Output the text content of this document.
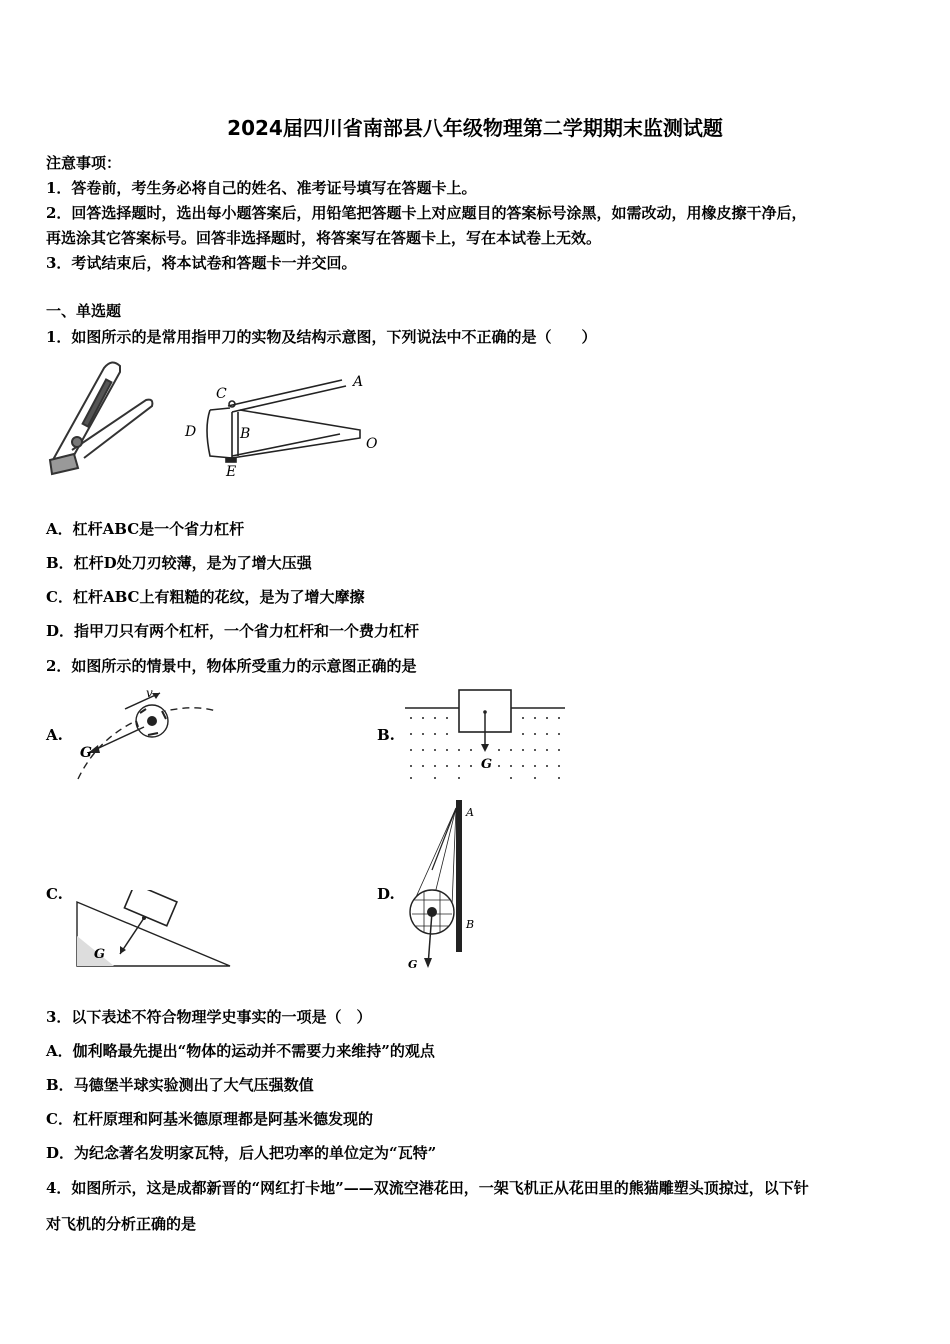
2024届四川省南部县八年级物理第二学期期末监测试题
注意事项：
1．答卷前，考生务必将自己的姓名、准考证号填写在答题卡上。
2．回答选择题时，选出每小题答案后，用铅笔把答题卡上对应题目的答案标号涂黑，如需改动，用橡皮擦干净后，
再选涂其它答案标号。回答非选择题时，将答案写在答题卡上，写在本试卷上无效。
3．考试结束后，将本试卷和答题卡一并交回。
一、单选题
1．如图所示的是常用指甲刀的实物及结构示意图，下列说法中不正确的是（　　）
A
B
C
D
E
O
A．杠杆ABC是一个省力杠杆
B．杠杆D处刀刃较薄，是为了增大压强
C．杠杆ABC上有粗糙的花纹，是为了增大摩擦
D．指甲刀只有两个杠杆，一个省力杠杆和一个费力杠杆
2．如图所示的情景中，物体所受重力的示意图正确的是
A.
v
G
B.
G
C.
G
D.
A
B
G
3．以下表述不符合物理学史事实的一项是（　）
A．伽利略最先提出“物体的运动并不需要力来维持”的观点
B．马德堡半球实验测出了大气压强数值
C．杠杆原理和阿基米德原理都是阿基米德发现的
D．为纪念著名发明家瓦特，后人把功率的单位定为“瓦特”
4．如图所示，这是成都新晋的“网红打卡地”——双流空港花田，一架飞机正从花田里的熊猫雕塑头顶掠过，以下针
对飞机的分析正确的是
